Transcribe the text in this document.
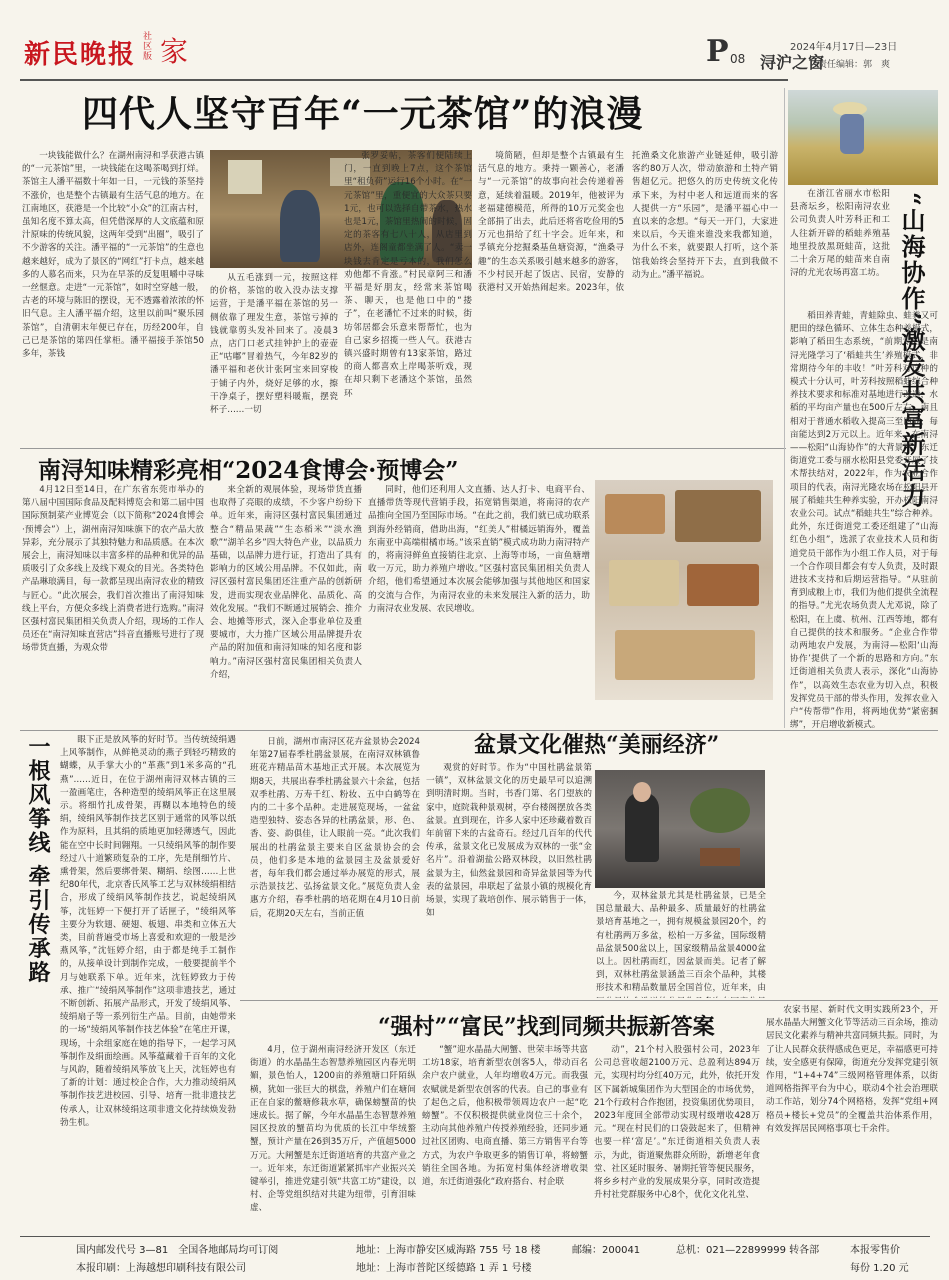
新民晚报
社区版 家	P 08 浔沪之窗
2024年4月17日—23日
责任编辑：郭　爽
四代人坚守百年“一元茶馆”的浪漫

一块钱能做什么？在湖州南浔和孚获港古镇的“一元茶馆”里，一块钱能在这喝茶喝到打烊。茶馆主人潘平福数十年如一日，一元钱的茶坚持不涨价，也是整个古镇最有生活气息的地方。在江南地区，获港是一个比较“小众”的江南古村，虽知名度不算太高，但凭借深厚的人文底蕴和原汁原味的传统风貌，这两年受到“出圈”，吸引了不少游客的关注。潘平福的“一元茶馆”的生意也越来越好，成为了景区的“网红”打卡点，越来越多的人慕名而来，只为在早茶的反复咀嚼中寻味一丝惬意。走进“一元茶馆”，如时空穿越一般，古老的环境与陈旧的摆设，无不透露着浓浓的怀旧气息。主人潘平福介绍，这里以前叫“聚乐园茶馆”，自清朝末年便已存在，历经200年，自己已是茶馆的第四任掌柜。潘平福接手茶馆50多年，茶钱

从五毛涨到一元，按照这样的价格，茶馆的收入没办法支撑运营，于是潘平福在茶馆的另一侧依靠了理发生意，茶馆亏掉的钱就靠剪头发补回来了。凌晨3点，店门口老式挂钟护上的壶壶正“咕嘟”冒着热气，今年82岁的潘平福和老伙计张阿宝来回穿梭于铺子内外，烧好足够的水，擦干净桌子，摆好塑料暖瓶，摆瓷杯子……一切

张罗妥帖，茶客们便陆续上门，一直到晚上7点，这个茶馆里“租负荷”运行16个小时。在“一元茶馆”里，重便宜的大众茶只要1元，也可以选择自带茶水，热水也是1元，茶馆里热闹的时候，固定的茶客有七八十人，从店里到店外，连阁童都坐满了人。“卖一块钱去肯定是亏本的，我们怎么劝他都不肯涨。”村民章阿三和潘平福是好朋友，经常来茶馆喝茶、聊天，也是他口中的“搂子”，在老潘忙不过来的时候，街坊邻居都会乐意来帮帮忙，也为自己家乡招揽一些人气。获港古镇兴盛时期曾有13家茶馆，路过的商人都喜欢上岸喝茶听戏，现在却只剩下老潘这个茶馆，虽然环

境简陋，但却是整个古镇最有生活气息的地方。秉持一颗善心，老潘与“一元茶馆”的故事向社会传递着善意，延续着温暖。2019年，他被评为老福建德模范，所得的10万元奖金也全部捐了出去，此后还将省吃俭用的5万元也捐给了红十字会。近年来，和孚镇充分挖掘桑基鱼塘资源，“渔桑寻趣”的生态关系吸引越来越多的游客，不少村民开起了饭店、民宿，安静的获港村又开始热闹起来。2023年，依托渔桑文化旅游产业链延伸，吸引游客约80万人次，带动旅游和土特产销售超亿元。把悠久的历史传统文化传承下来，为村中老人和远道而来的客人提供一方“乐园”，是潘平福心中一直以来的念想。“每天一开门，大家进来以后，今天谁来谁没来我都知道，为什么不来，就要跟人打听，这个茶馆我始终会坚持开下去，直到我做不动为止。”潘平福说。

南浔知味精彩亮相“2024食博会·预博会”

4月12日至14日，在广东省东莞市举办的第八届中国国际食品及配料博览会和第二届中国国际预制菜产业博览会（以下简称“2024食博会·预博会”）上，湖州南浔知味旗下的农产品大放异彩，充分展示了其独特魅力和品质感。在本次展会上，南浔知味以丰富多样的品种和优异的品质吸引了众多线上及线下观众的目光。各类特色产品琳琅满目，每一款都呈现出南浔农业的精致与匠心。“此次展会，我们首次推出了南浔知味线上平台，方便众多线上消费者进行选购。”南浔区强村富民集团相关负责人介绍，现场的工作人员还在“南浔知味直营店”抖音直播账号进行了现场带货直播，为观众带

来全新的观展体验，现场带货直播也取得了亮眼的成绩，不少客户纷纷下单。近年来，南浔区强村富民集团通过整合“精品果蔬”“生态稻米”“淡水渔歌”“湖羊名乡”四大特色产业，以品质力基础，以品牌力进行证，打造出了具有影响力的区域公用品牌。不仅如此，南浔区强村富民集团还注重产品的创新研发，进而实现农业品牌化、品质化、高效化发展。“我们不断通过展销会、推介会、地摊等形式，深入企事业单位及重要城市，大力推广区域公用品牌提升农产品的附加值和南浔知味的知名度和影响力。”南浔区强村富民集团相关负责人介绍，

同时，他们还利用人文直播、达人打卡、电商平台、直播带货等现代营销手段，拓宽销售渠道，将南浔的农产品推向全国乃至国际市场。“在此之前，我们就已成功联系到海外经销商，借助出海，“红美人”柑橘远销海外，覆盖东南亚中高端柑橘市场。”该采直销”模式成功助力南浔特产的，将南浔鲜鱼直接销往北京、上海等市场，一亩鱼塘增收一万元，助力养殖户增收。”区强村富民集团相关负责人介绍，他们希望通过本次展会能够加强与其他地区和国家的交流与合作，为南浔农业的未来发展注入新的活力，助力南浔农业发展、农民增收。

“山海协作”激发共富新活力

在浙江省丽水市松阳县斋坛乡，松阳南浔农业公司负责人叶芳科正和工人往新开辟的稻蛙养殖基地里投放黑斑蛙苗，这批二十余万尾的蛙苗来自南浔的尤光农场再富工坊。

稻田养青蛙，青蛙除虫、蛙粪又可肥田的绿色循环、立体生态种养模式，影响了稻田生态系统，“前期专门是南浔光隆学习了‘稻蛙共生’养殖模式，非常期待今年的丰收！”叶芳科对这种的模式十分认可，叶芳科按照稻蛙综合种养技术要求和标准对基地进行改造，水稻的平均亩产量也在500斤左右，南且相对于普通水稻收入提高三至四成，每亩能达到2万元以上。近年来，在南浔——松阳“山海协作”的大背景下，东迁街道党工委与丽水松阳县党委开展了技术帮扶结对，2022年，作为农业合作项目的代表，南浔光隆农场在松阳县开展了稻蛙共生种养实验，开办松阳南浔农业公司。试点“稻蛙共生”综合种养。此外，东迁街道党工委还组建了“山海红色小组”，选派了农业技术人员和街道党员干部作为小组工作人员，对于每一个合作项目都会有专人负责，及时跟进技术支持和后期运营指导。“从驻前育到成粮上市，我们为他们提供全流程的指导。”尤光农场负责人尤邓说，除了松阳，在上虞、杭州、江西等地，都有自己提供的技术和服务。“企业合作带动两地农户发展，为南浔—松阳‘山海协作’提供了一个新的思路和方向。”东迁街道相关负责人表示，深化“山海协作”，以高效生态农业为切入点，积极发挥党员干部的带头作用，发挥农业入户“传帮带”作用，将两地优势“紧密捆绑”，开启增收新模式。

一根风筝线 牵引传承路	眼下正是放风筝的好时节。当传统绫绢遇上风筝制作，从鲜艳灵动的燕子到轻巧精致的蝴蝶，从手掌大小的“革燕”到1米多高的“孔燕”……近日，在位于湖州南浔双林古镇的三一盈画笔庄，各种造型的绫绢风筝正在这里展示。将细竹扎成骨架，再糊以本地特色的绫绢，绫绢风筝制作技艺区别于通常的风筝以纸作为原料，且其绢的质地更加轻薄透气，因此能在空中长时间翱翔。一只绫绢风筝的制作要经过八十道繁琐复杂的工序，先是削细竹片、熏骨架，然后要绑骨架、糊绢、绘图……上世纪80年代，北京香氏风筝工艺与双林绫绢相结合，形成了绫绢风筝制作技艺，说起绫绢风筝，沈钰婷一下便打开了话匣子，“绫绢风筝主要分为软翅、硬翅、板翅、串类和立体五大类，目前普遍受市场上喜爱和欢迎的一般是沙燕风筝，”沈钰婷介绍，由于都是纯手工制作的，从接单设计到制作完成，一般要提前半个月与她联系下单。近年来，沈钰婷致力于传承、推广“绫绢风筝制作”这项非遗技艺，通过不断创新、拓展产品形式，开发了绫绢风筝、绫绢扇子等一系列衍生产品。目前，由她带来的一场“绫绢风筝制作技艺体验”在笔庄开课，现场，十余组家庭在她的指导下，一起学习风筝制作及绢面绘画。风筝蕴藏着千百年的文化与风韵，随着绫绢风筝放飞上天，沈钰婷也有了新的计划：通过校企合作，大力推动绫绢风筝制作技艺进校园、引导、培育一批非遗技艺传承人，让双林绫绢这项非遗文化持续焕发勃勃生机。

盆景文化催热“美丽经济”

日前，湖州市南浔区花卉盆景协会2024年第27届春季杜鹃盆景展，在南浔双林镇鲁班花卉精品苗木基地正式开展。本次展览为期8天，共展出春季杜鹃盆景六十余盆，包括双季杜鹃、万寿千红、粉妆、五中白鹤等在内的二十多个品种。走进展览现场，一盆盆造型独特、姿态各异的杜鹃盆景，形、色、香、姿、韵俱佳，让人眼前一亮。“此次我们展出的杜鹃盆景主要来自区盆景协会的会员，他们多是本地的盆景园主及盆景爱好者，每年我们都会通过举办展览的形式，展示浩景技艺、弘扬盆景文化。”展览负责人金惠方介绍，春季杜鹃的培花期在4月10日前后，花期20天左右，当前正值

观赏的好时节。作为“中国杜鹃盆景第一镇”，双林盆景文化的历史最早可以追溯到明清时期。当时，书香门第、名门望族的家中，庭院栽种景观树，亭台楼阁摆放各类盆景。直到现在，许多人家中还珍藏着数百年前留下来的古盆奇石。经过几百年的代代传承，盆景文化已发展成为双林的一张“金名片”。沿着湖盐公路双林段，以旧然杜鹃盆景为主，仙然盆景园和奇异盆景园等为代表的盆景园，串联起了盆景小镇的规模化育场景，实现了栽培创作、展示销售于一体，如

今，双林盆景尤其是杜鹃盆景，已是全国总量最大、品种最多、质量最好的杜鹃盆景培育基地之一，拥有规模盆景园20个，约有杜鹃两万多盆，松柏一万多盆，国际级精品盆景500盆以上，国家级精品盆景4000盆以上。因杜鹃而红，因盆景而美。记者了解到，双林杜鹃盆景涵盖三百余个品种，其楼形技术和精品数量居全国首位，近年来，由

“强村”“富民”找到同频共振新答案

4月，位于湖州南浔经济开发区（东迁街道）的水晶晶生态智慧养殖园区内春光明媚，景色怡人，1200亩的养殖塘口阡陌纵横，犹如一张巨大的棋盘，养殖户们在塘间正在自家的鳖塘修栽水草，确保螃蟹苗的快速成长。据了解，今年水晶晶生态智慧养殖园区投放的蟹苗均为优质的长江中华绒螯蟹，预计产量在26到35万斤，产值超5000万元。大闸蟹是东迁街道培育的共富产业之一。近年来，东迁街道紧紧抓牢产业振兴关键举引，推进党建引领“共富工坊”建设，以村、企等党组织结对共建为纽带，引育泪味虚、

“蟹”迎水晶晶大闸蟹、世荣丰场等共富工坊18家，培育新型农创客5人，带动百名余户农户就业，人年均增收4万元。而我强农赋就是新型农创客的代表。自己的事业有了起色之后，他积极带领周边农户一起“吃螃蟹”。不仅积极提供就业岗位三十余个，主动向其他养殖户传授养殖经验，还同步通过社区团购、电商直播、第三方销售平台等方式，为农户争取更多的销售订单，将螃蟹销往全国各地。为拓宽村集体经济增收渠道，东迁街道强化“政府搭台、村企联

动”，21个村入股强村公司，2023年公司总营收超2100万元、总盈利达894万元，实现村均分红40万元，此外，依托开发区下属新城集团作为大型国企的市场优势，21个行政村合作抱团，投资集团优势项目，2023年度回全部带动实现村级增收428万元。“现在村民们的口袋鼓起来了，但精神也要一样‘富足’。”东迁街道相关负责人表示，为此，街道聚焦群众所盼，新增老年食堂、社区延时服务、暑期托管等便民服务，将乡乡村产业的发展成果分享，同时改造提升村社党群服务中心8个，优化文化礼堂、

农家书屋、新时代文明实践所23个，开展水晶晶大闸蟹文化节等活动三百余场，推动居民文化素养与精神共富同频共振。同时，为了让人民群众获得感成色更足，幸福感更可持续，安全感更有保障，街道充分发挥党建引领作用，“1+4+74”三级网格管理体系，以街道网格指挥平台为中心，联动4个社会治理联动工作站，划分74个网格格，发挥“党组+网格员+楼长+党员”的全覆盖共治体系作用，有效发挥居民网格事项七千余件。

国内邮发代号 3—81　全国各地邮局均可订阅	地址：上海市静安区威海路 755 号 18 楼	邮编：200041	总机：021—22899999 转各部
本报印刷：上海越想印刷科技有限公司	地址：上海市普陀区绥德路 1 弄 1 号楼
本报零售价
每份 1.20 元
